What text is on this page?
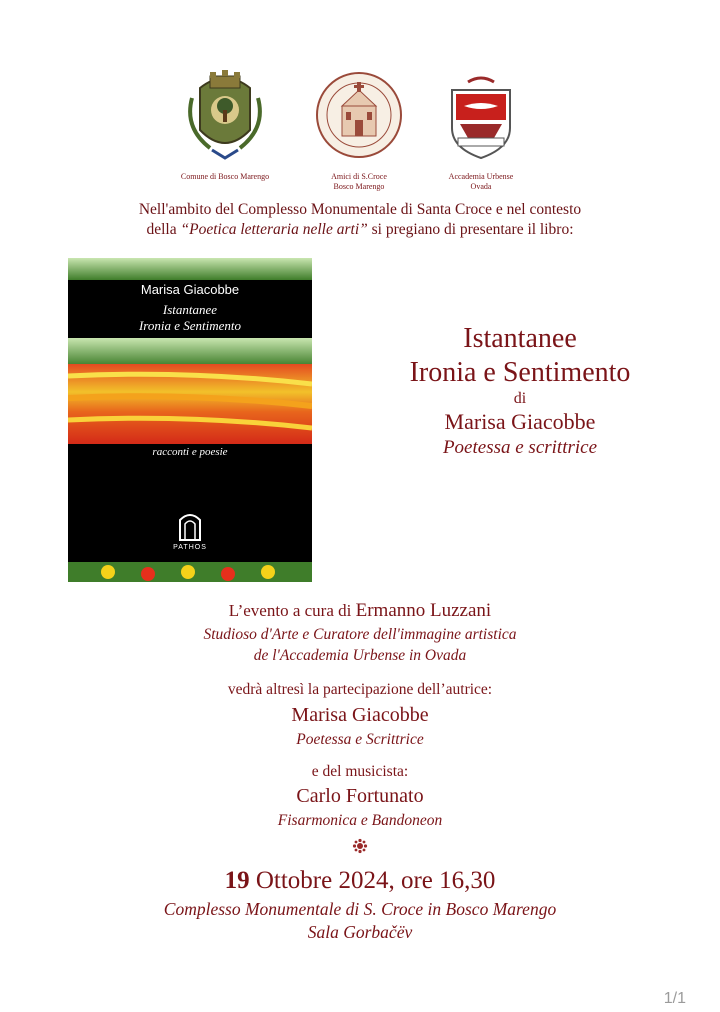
Comune di Bosco Marengo	Amici di S.Croce
Bosco Marengo
Accademia Urbense
Ovada
Nell'ambito del Complesso Monumentale di Santa Croce e nel contesto
della “Poetica letteraria nelle arti” si pregiano di presentare il libro:
Marisa Giacobbe
Istantanee
Ironia e Sentimento
racconti e poesie
PATHOS
Istantanee
Ironia e Sentimento
di
Marisa Giacobbe
Poetessa e scrittrice
L’evento a cura di Ermanno Luzzani
Studioso d'Arte e Curatore dell'immagine artistica
de l'Accademia Urbense in Ovada
vedrà altresì la partecipazione dell’autrice:
Marisa Giacobbe
Poetessa e Scrittrice
e del musicista:
Carlo Fortunato
Fisarmonica e Bandoneon
19 Ottobre 2024, ore 16,30
Complesso Monumentale di S. Croce in Bosco Marengo
Sala Gorbačëv
1/1
